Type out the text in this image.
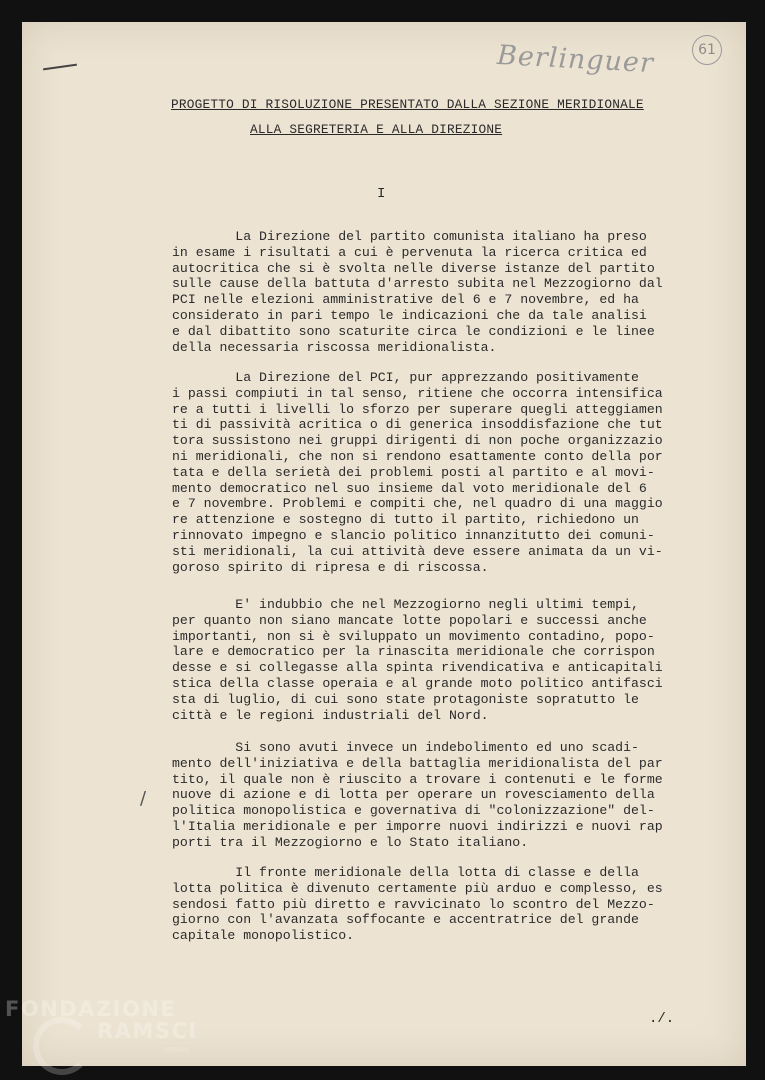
Berlinguer	61
PROGETTO DI RISOLUZIONE PRESENTATO DALLA SEZIONE MERIDIONALE
ALLA SEGRETERIA E ALLA DIREZIONE
I
La Direzione del partito comunista italiano ha preso
in esame i risultati a cui è pervenuta la ricerca critica ed
autocritica che si è svolta nelle diverse istanze del partito
sulle cause della battuta d'arresto subita nel Mezzogiorno dal
PCI nelle elezioni amministrative del 6 e 7 novembre, ed ha
considerato in pari tempo le indicazioni che da tale analisi
e dal dibattito sono scaturite circa le condizioni e le linee
della necessaria riscossa meridionalista.
La Direzione del PCI, pur apprezzando positivamente
i passi compiuti in tal senso, ritiene che occorra intensifica
re a tutti i livelli lo sforzo per superare quegli atteggiamen
ti di passività acritica o di generica insoddisfazione che tut
tora sussistono nei gruppi dirigenti di non poche organizzazio
ni meridionali, che non si rendono esattamente conto della por
tata e della serietà dei problemi posti al partito e al movi-
mento democratico nel suo insieme dal voto meridionale del 6
e 7 novembre. Problemi e compiti che, nel quadro di una maggio
re attenzione e sostegno di tutto il partito, richiedono un
rinnovato impegno e slancio politico innanzitutto dei comuni-
sti meridionali, la cui attività deve essere animata da un vi-
goroso spirito di ripresa e di riscossa.
E' indubbio che nel Mezzogiorno negli ultimi tempi,
per quanto non siano mancate lotte popolari e successi anche
importanti, non si è sviluppato un movimento contadino, popo-
lare e democratico per la rinascita meridionale che corrispon
desse e si collegasse alla spinta rivendicativa e anticapitali
stica della classe operaia e al grande moto politico antifasci
sta di luglio, di cui sono state protagoniste sopratutto le
città e le regioni industriali del Nord.
Si sono avuti invece un indebolimento ed uno scadi-
mento dell'iniziativa e della battaglia meridionalista del par
tito, il quale non è riuscito a trovare i contenuti e le forme
nuove di azione e di lotta per operare un rovesciamento della
politica monopolistica e governativa di "colonizzazione" del-
l'Italia meridionale e per imporre nuovi indirizzi e nuovi rap
porti tra il Mezzogiorno e lo Stato italiano.
Il fronte meridionale della lotta di classe e della
lotta politica è divenuto certamente più arduo e complesso, es
sendosi fatto più diretto e ravvicinato lo scontro del Mezzo-
giorno con l'avanzata soffocante e accentratrice del grande
capitale monopolistico.
/
./.
FONDAZIONE
RAMSCI
onlus
